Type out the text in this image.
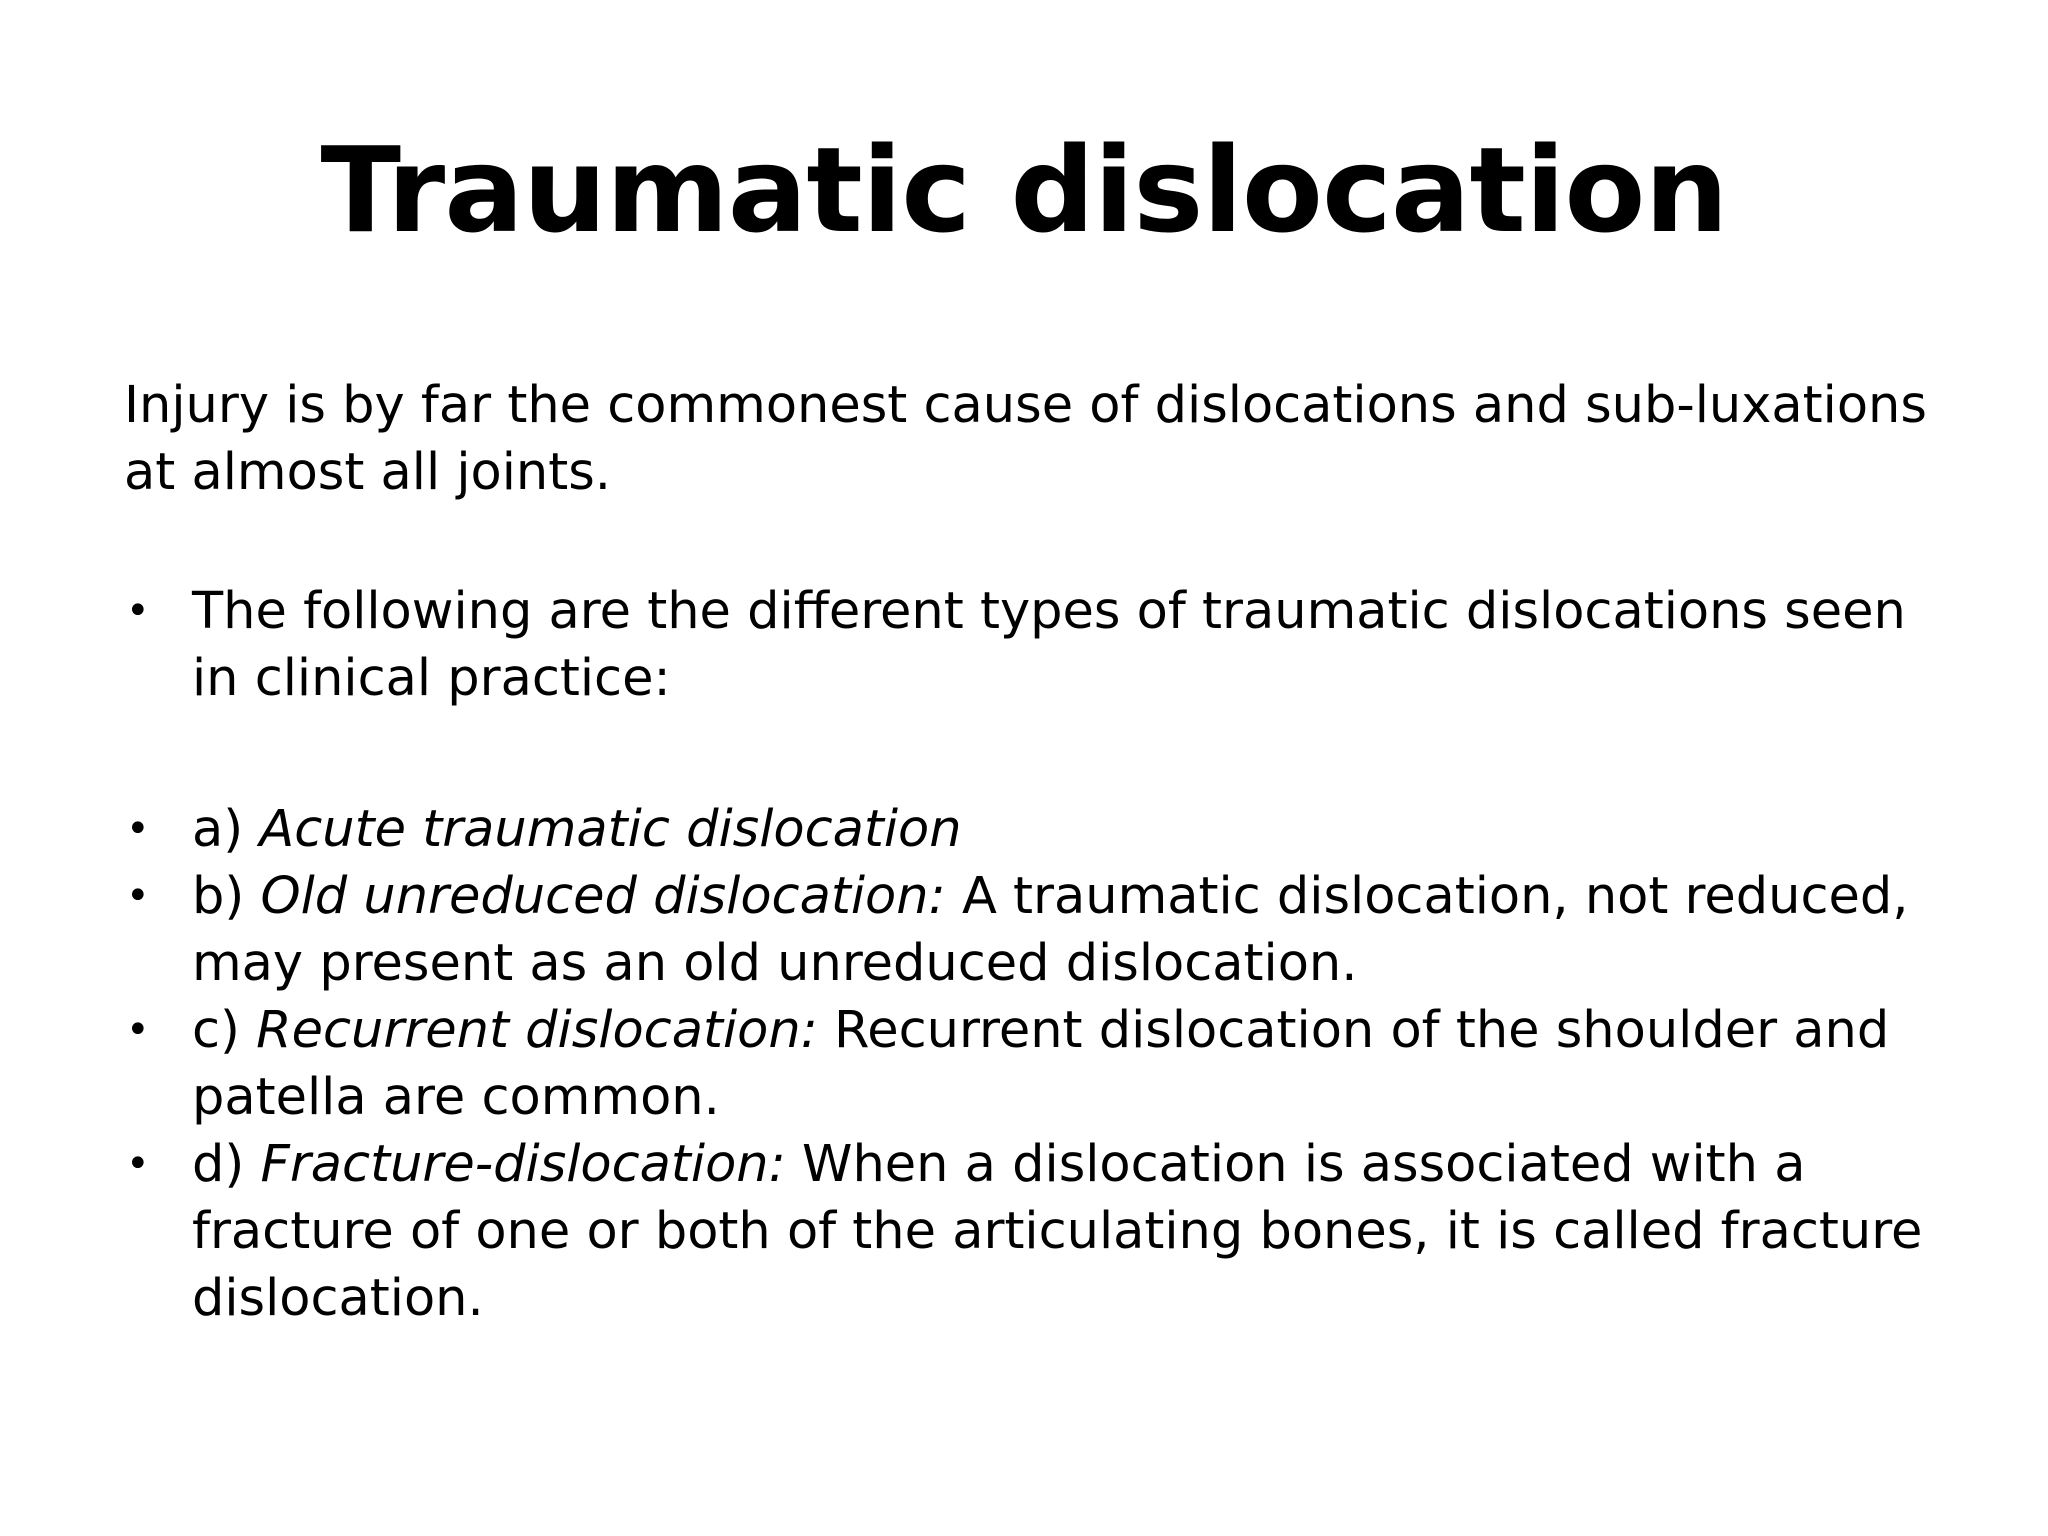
Traumatic dislocation

Injury is by far the commonest cause of dislocations and sub-luxations at almost all joints.

• The following are the different types of traumatic dislocations seen in clinical practice:
• a) Acute traumatic dislocation
• b) Old unreduced dislocation: A traumatic dislocation, not reduced, may present as an old unreduced dislocation.
• c) Recurrent dislocation: Recurrent dislocation of the shoulder and patella are common.
• d) Fracture-dislocation: When a dislocation is associated with a fracture of one or both of the articulating bones, it is called fracture dislocation.
